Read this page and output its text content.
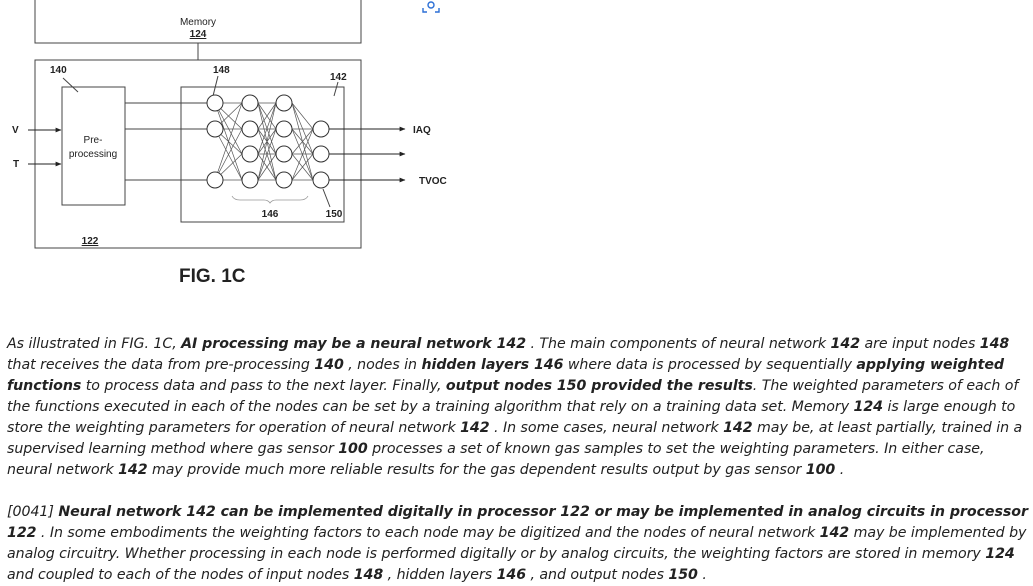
Memory
124
122
140	148
142
Pre-
processing
V
T
146	150
IAQ
TVOC
FIG. 1C

As illustrated in FIG. 1C, AI processing may be a neural network 142 . The main components of neural network 142 are input nodes 148 that receives the data from pre-processing 140 , nodes in hidden layers 146 where data is processed by sequentially applying weighted functions to process data and pass to the next layer. Finally, output nodes 150 provided the results. The weighted parameters of each of the functions executed in each of the nodes can be set by a training algorithm that rely on a training data set. Memory 124 is large enough to store the weighting parameters for operation of neural network 142 . In some cases, neural network 142 may be, at least partially, trained in a supervised learning method where gas sensor 100 processes a set of known gas samples to set the weighting parameters. In either case, neural network 142 may provide much more reliable results for the gas dependent results output by gas sensor 100 .

[0041] Neural network 142 can be implemented digitally in processor 122 or may be implemented in analog circuits in processor 122 . In some embodiments the weighting factors to each node may be digitized and the nodes of neural network 142 may be implemented by analog circuitry. Whether processing in each node is performed digitally or by analog circuits, the weighting factors are stored in memory 124 and coupled to each of the nodes of input nodes 148 , hidden layers 146 , and output nodes 150 .
